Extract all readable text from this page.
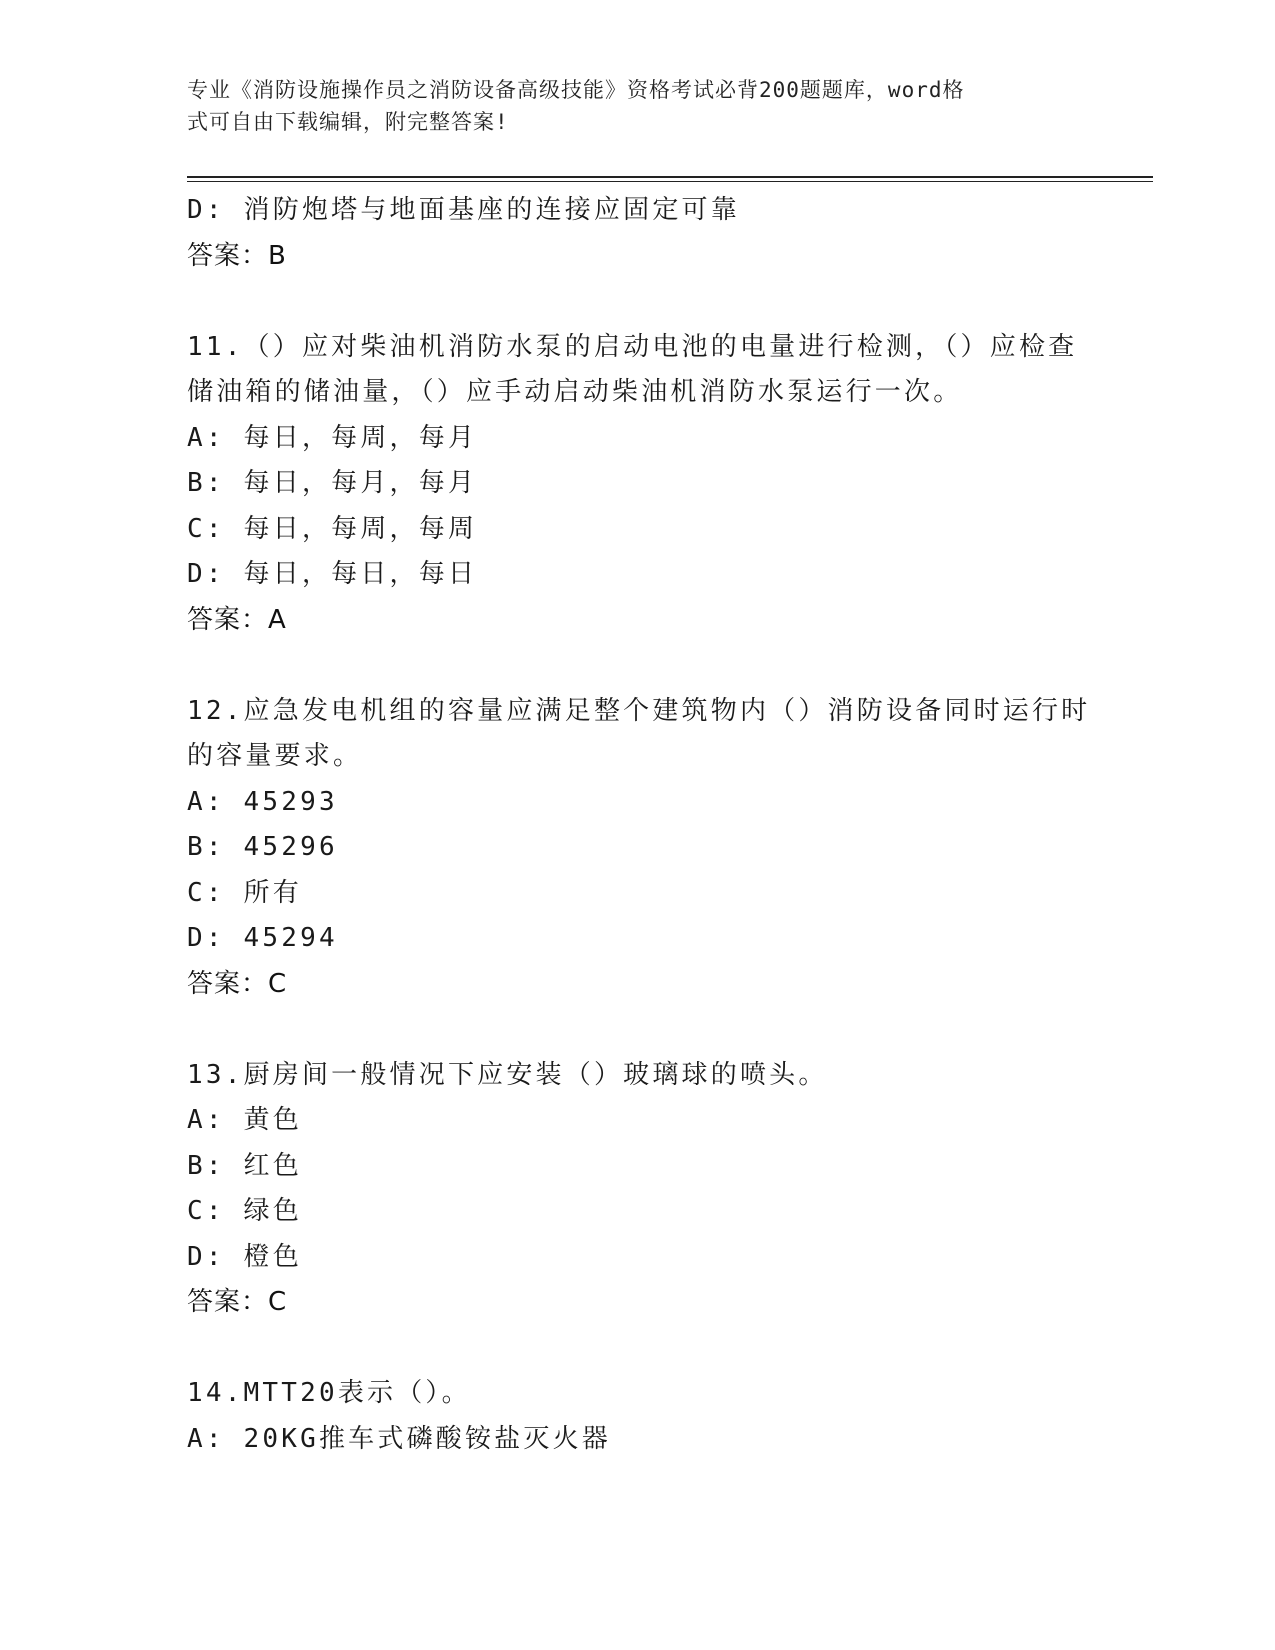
专业《消防设施操作员之消防设备高级技能》资格考试必背200题题库，word格
式可自由下载编辑，附完整答案!
D: 消防炮塔与地面基座的连接应固定可靠
答案：B
11.（）应对柴油机消防水泵的启动电池的电量进行检测，（）应检查
储油箱的储油量，（）应手动启动柴油机消防水泵运行一次。
A: 每日，每周，每月
B: 每日，每月，每月
C: 每日，每周，每周
D: 每日，每日，每日
答案：A
12.应急发电机组的容量应满足整个建筑物内（）消防设备同时运行时
的容量要求。
A: 45293
B: 45296
C: 所有
D: 45294
答案：C
13.厨房间一般情况下应安装（）玻璃球的喷头。
A: 黄色
B: 红色
C: 绿色
D: 橙色
答案：C
14.MTT20表示（）。
A: 20KG推车式磷酸铵盐灭火器
